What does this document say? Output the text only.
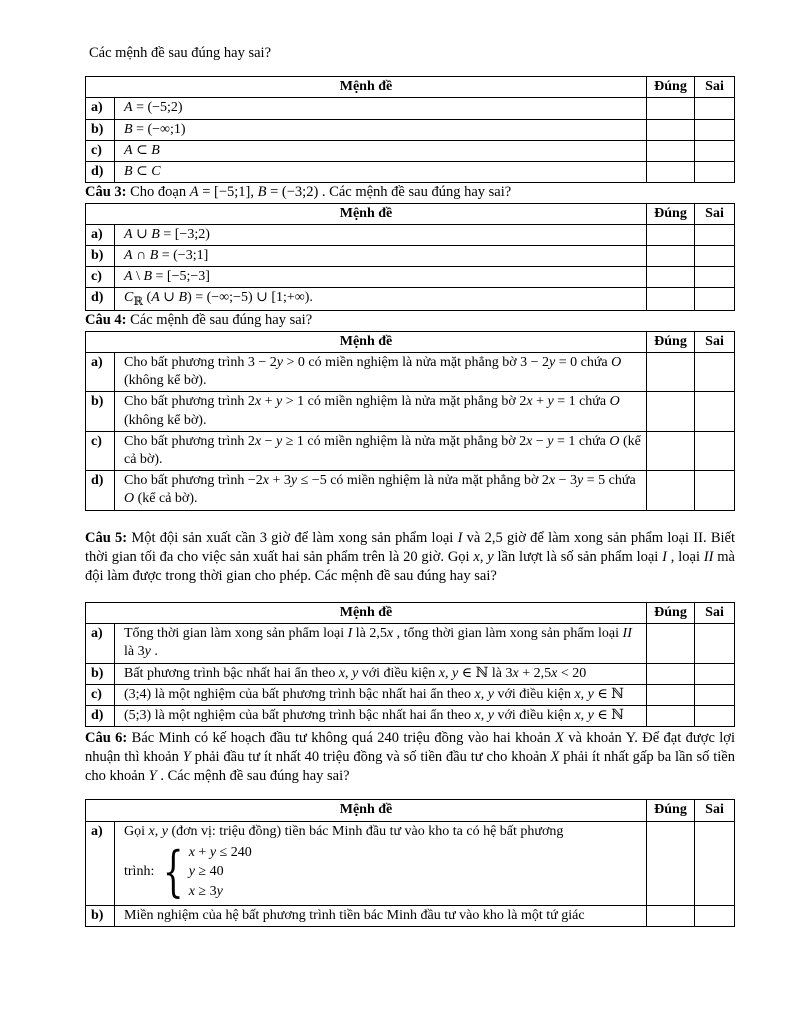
Các mệnh đề sau đúng hay sai?

Mệnh đề		Đúng	Sai
a)	A = (−5;2)		
b)	B = (−∞;1)		
c)	A ⊂ B		
d)	B ⊂ C		

Câu 3: Cho đoạn A = [−5;1], B = (−3;2) . Các mệnh đề sau đúng hay sai?

Mệnh đề		Đúng	Sai
a)	A ∪ B = [−3;2)		
b)	A ∩ B = (−3;1]		
c)	A \ B = [−5;−3]		
d)	$C_ℝ$ (A ∪ B) = (−∞;−5) ∪ [1;+∞).		

Câu 4: Các mệnh đề sau đúng hay sai?

Mệnh đề		Đúng	Sai
a)	Cho bất phương trình 3 − 2y > 0 có miền nghiệm là nửa mặt phẳng bờ 3 − 2y = 0 chứa O (không kể bờ).		
b)	Cho bất phương trình 2x + y > 1 có miền nghiệm là nửa mặt phẳng bờ 2x + y = 1 chứa O (không kể bờ).		
c)	Cho bất phương trình 2x − y ≥ 1 có miền nghiệm là nửa mặt phẳng bờ 2x − y = 1 chứa O (kể cả bờ).		
d)	Cho bất phương trình −2x + 3y ≤ −5 có miền nghiệm là nửa mặt phẳng bờ 2x − 3y = 5 chứa O (kể cả bờ).		

Câu 5: Một đội sản xuất cần 3 giờ để làm xong sản phẩm loại I và 2,5 giờ để làm xong sản phẩm loại II. Biết thời gian tối đa cho việc sản xuất hai sản phẩm trên là 20 giờ. Gọi x, y lần lượt là số sản phẩm loại I , loại II mà đội làm được trong thời gian cho phép. Các mệnh đề sau đúng hay sai?

Mệnh đề		Đúng	Sai
a)	Tổng thời gian làm xong sản phẩm loại I là 2,5x , tổng thời gian làm xong sản phẩm loại II là 3y .		
b)	Bất phương trình bậc nhất hai ẩn theo x, y với điều kiện x, y ∈ ℕ là 3x + 2,5x < 20		
c)	(3;4) là một nghiệm của bất phương trình bậc nhất hai ẩn theo x, y với điều kiện x, y ∈ ℕ		
d)	(5;3) là một nghiệm của bất phương trình bậc nhất hai ẩn theo x, y với điều kiện x, y ∈ ℕ		

Câu 6: Bác Minh có kế hoạch đầu tư không quá 240 triệu đồng vào hai khoản X và khoản Y. Để đạt được lợi nhuận thì khoản Y phải đầu tư ít nhất 40 triệu đồng và số tiền đầu tư cho khoản X phải ít nhất gấp ba lần số tiền cho khoản Y . Các mệnh đề sau đúng hay sai?

Mệnh đề		Đúng	Sai
a)	Gọi x, y (đơn vị: triệu đồng) tiền bác Minh đầu tư vào kho ta có hệ bất phương
trình: { x + y ≤ 240
y ≥ 40
x ≥ 3y

b)	Miền nghiệm của hệ bất phương trình tiền bác Minh đầu tư vào kho là một tứ giác		
